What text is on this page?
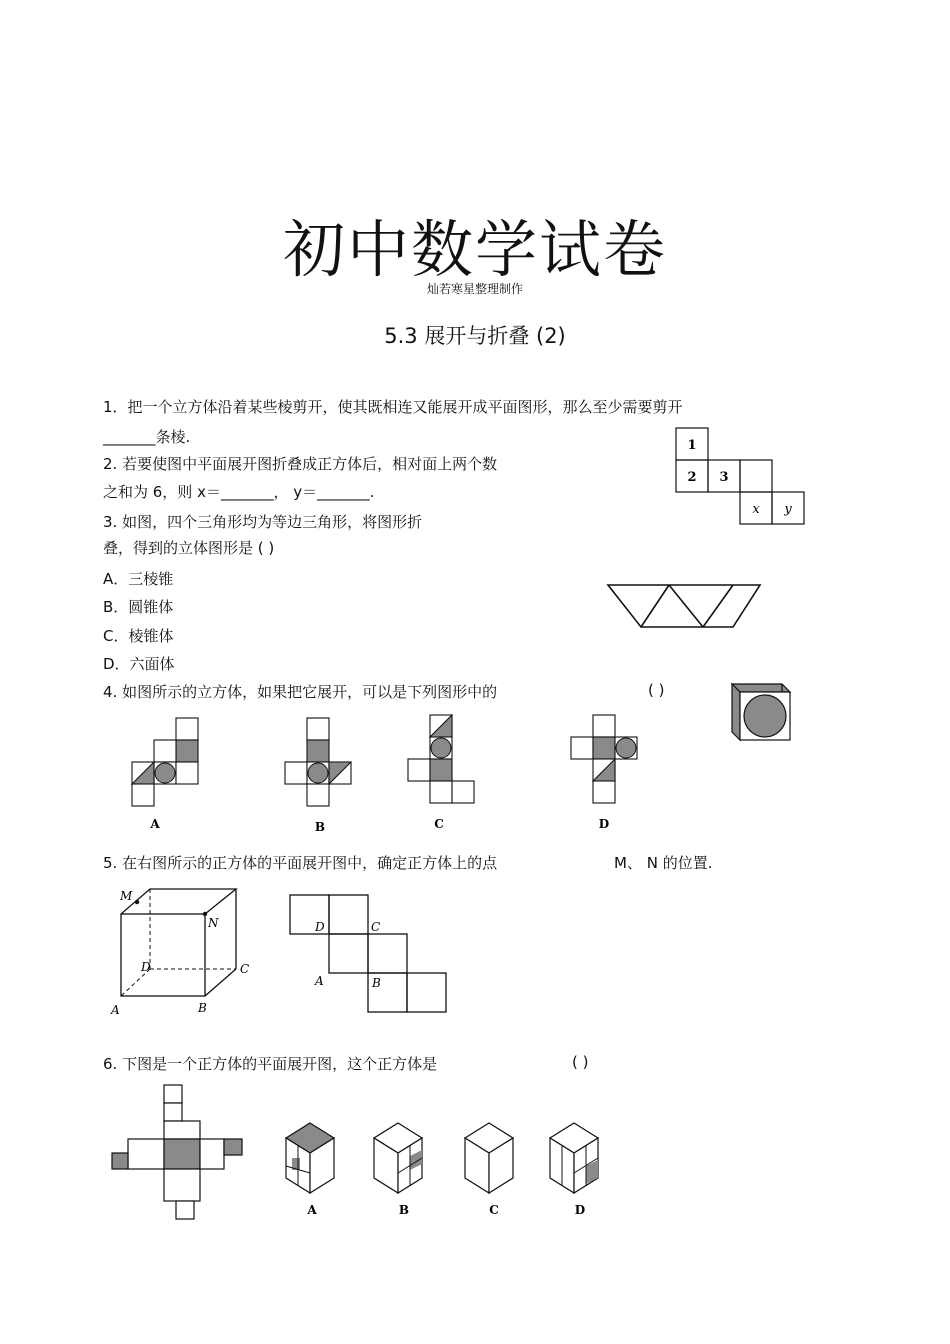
初中数学试卷
灿若寒星整理制作
5.3 展开与折叠 (2)
1．把一个立方体沿着某些棱剪开，使其既相连又能展开成平面图形，那么至少需要剪开
_______条棱.
2. 若要使图中平面展开图折叠成正方体后，相对面上两个数
之和为 6，则 x＝_______， y＝_______.
1
2 3
x y
3. 如图，四个三角形均为等边三角形，将图形折
叠，得到的立体图形是 ( )
A．三棱锥
B．圆锥体
C．棱锥体
D．六面体
4. 如图所示的立方体，如果把它展开，可以是下列图形中的	( )
A	B	C	D
5. 在右图所示的正方体的平面展开图中，确定正方体上的点	M、 N 的位置.
M
N
D	C
A	B
D	C
A	B
6. 下图是一个正方体的平面展开图，这个正方体是	( )
A	B	C	D
